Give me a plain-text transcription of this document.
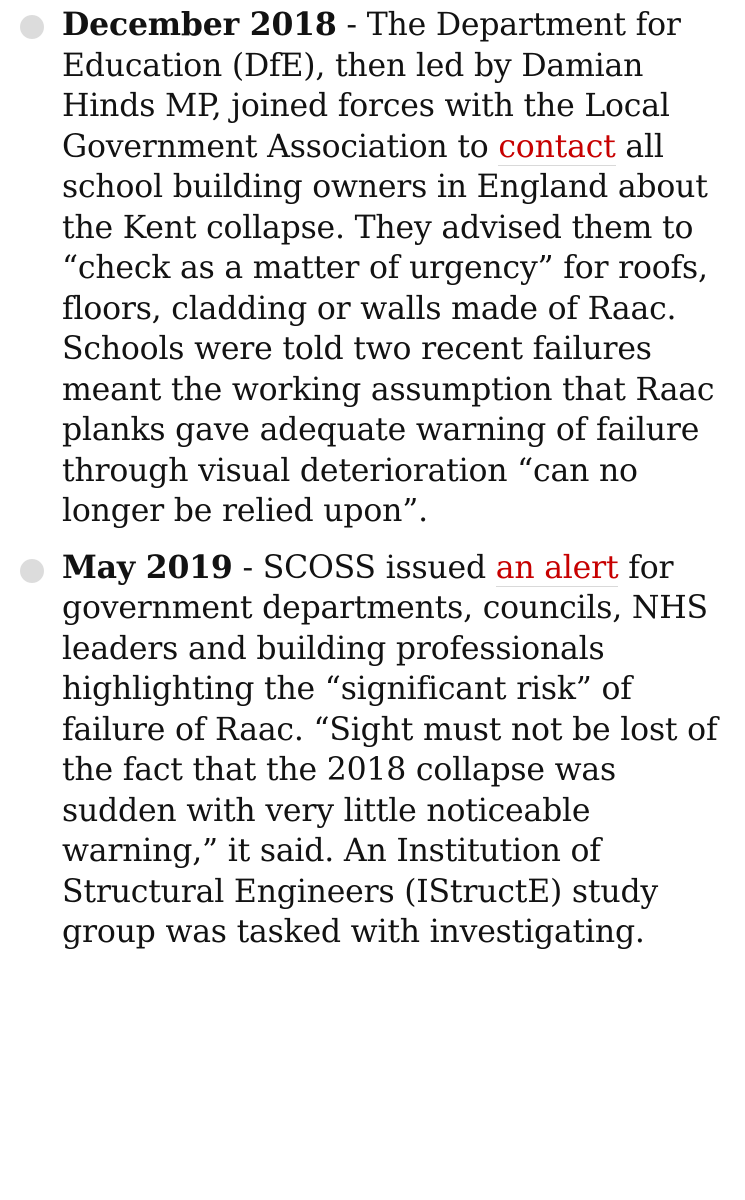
December 2018 - The Department for Education (DfE), then led by Damian Hinds MP, joined forces with the Local Government Association to contact all school building owners in England about the Kent collapse. They advised them to “check as a matter of urgency” for roofs, floors, cladding or walls made of Raac. Schools were told two recent failures meant the working assumption that Raac planks gave adequate warning of failure through visual deterioration “can no longer be relied upon”.
May 2019 - SCOSS issued an alert for government departments, councils, NHS leaders and building professionals highlighting the “significant risk” of failure of Raac. “Sight must not be lost of the fact that the 2018 collapse was sudden with very little noticeable warning,” it said. An Institution of Structural Engineers (IStructE) study group was tasked with investigating.
